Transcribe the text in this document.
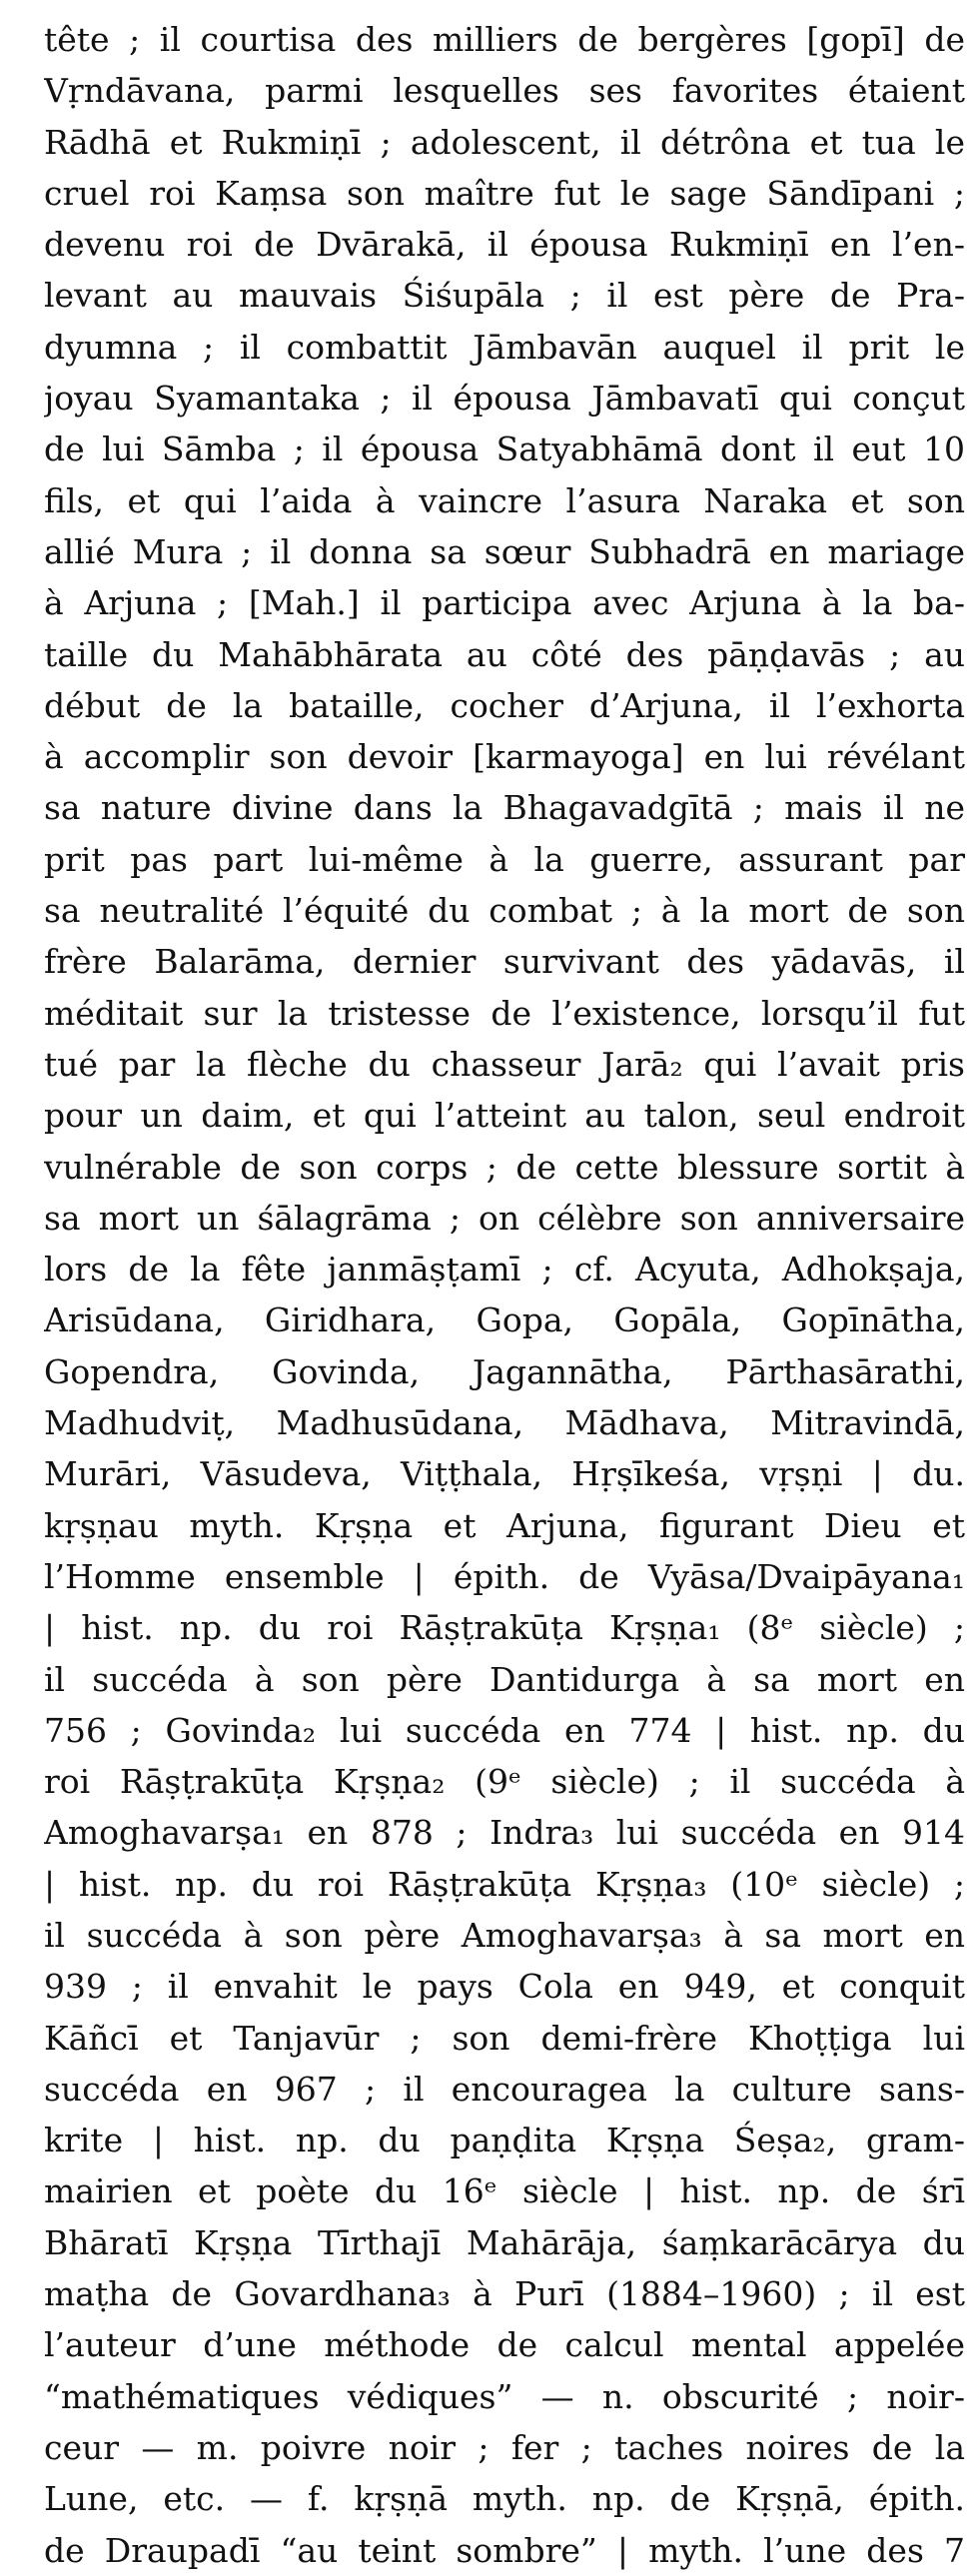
tête ; il courtisa des milliers de bergères [gopī] de
Vṛndāvana, parmi lesquelles ses favorites étaient
Rādhā et Rukmiṇī ; adolescent, il détrôna et tua le
cruel roi Kaṃsa son maître fut le sage Sāndīpani ;
devenu roi de Dvārakā, il épousa Rukmiṇī en l’en-
levant au mauvais Śiśupāla ; il est père de Pra-
dyumna ; il combattit Jāmbavān auquel il prit le
joyau Syamantaka ; il épousa Jāmbavatī qui conçut
de lui Sāmba ; il épousa Satyabhāmā dont il eut 10
fils, et qui l’aida à vaincre l’asura Naraka et son
allié Mura ; il donna sa sœur Subhadrā en mariage
à Arjuna ; [Mah.] il participa avec Arjuna à la ba-
taille du Mahābhārata au côté des pāṇḍavās ; au
début de la bataille, cocher d’Arjuna, il l’exhorta
à accomplir son devoir [karmayoga] en lui révélant
sa nature divine dans la Bhagavadgītā ; mais il ne
prit pas part lui-même à la guerre, assurant par
sa neutralité l’équité du combat ; à la mort de son
frère Balarāma, dernier survivant des yādavās, il
méditait sur la tristesse de l’existence, lorsqu’il fut
tué par la flèche du chasseur Jarā₂ qui l’avait pris
pour un daim, et qui l’atteint au talon, seul endroit
vulnérable de son corps ; de cette blessure sortit à
sa mort un śālagrāma ; on célèbre son anniversaire
lors de la fête janmāṣṭamī ; cf. Acyuta, Adhokṣaja,
Arisūdana, Giridhara, Gopa, Gopāla, Gopīnātha,
Gopendra, Govinda, Jagannātha, Pārthasārathi,
Madhudviṭ, Madhusūdana, Mādhava, Mitravindā,
Murāri, Vāsudeva, Viṭṭhala, Hṛṣīkeśa, vṛṣṇi | du.
kṛṣṇau myth. Kṛṣṇa et Arjuna, figurant Dieu et
l’Homme ensemble | épith. de Vyāsa/Dvaipāyana₁
| hist. np. du roi Rāṣṭrakūṭa Kṛṣṇa₁ (8ᵉ siècle) ;
il succéda à son père Dantidurga à sa mort en
756 ; Govinda₂ lui succéda en 774 | hist. np. du
roi Rāṣṭrakūṭa Kṛṣṇa₂ (9ᵉ siècle) ; il succéda à
Amoghavarṣa₁ en 878 ; Indra₃ lui succéda en 914
| hist. np. du roi Rāṣṭrakūṭa Kṛṣṇa₃ (10ᵉ siècle) ;
il succéda à son père Amoghavarṣa₃ à sa mort en
939 ; il envahit le pays Cola en 949, et conquit
Kāñcī et Tanjavūr ; son demi-frère Khoṭṭiga lui
succéda en 967 ; il encouragea la culture sans-
krite | hist. np. du paṇḍita Kṛṣṇa Śeṣa₂, gram-
mairien et poète du 16ᵉ siècle | hist. np. de śrī
Bhāratī Kṛṣṇa Tīrthajī Mahārāja, śaṃkarācārya du
maṭha de Govardhana₃ à Purī (1884–1960) ; il est
l’auteur d’une méthode de calcul mental appelée
“mathématiques védiques” — n. obscurité ; noir-
ceur — m. poivre noir ; fer ; taches noires de la
Lune, etc. — f. kṛṣṇā myth. np. de Kṛṣṇā, épith.
de Draupadī “au teint sombre” | myth. l’une des 7
